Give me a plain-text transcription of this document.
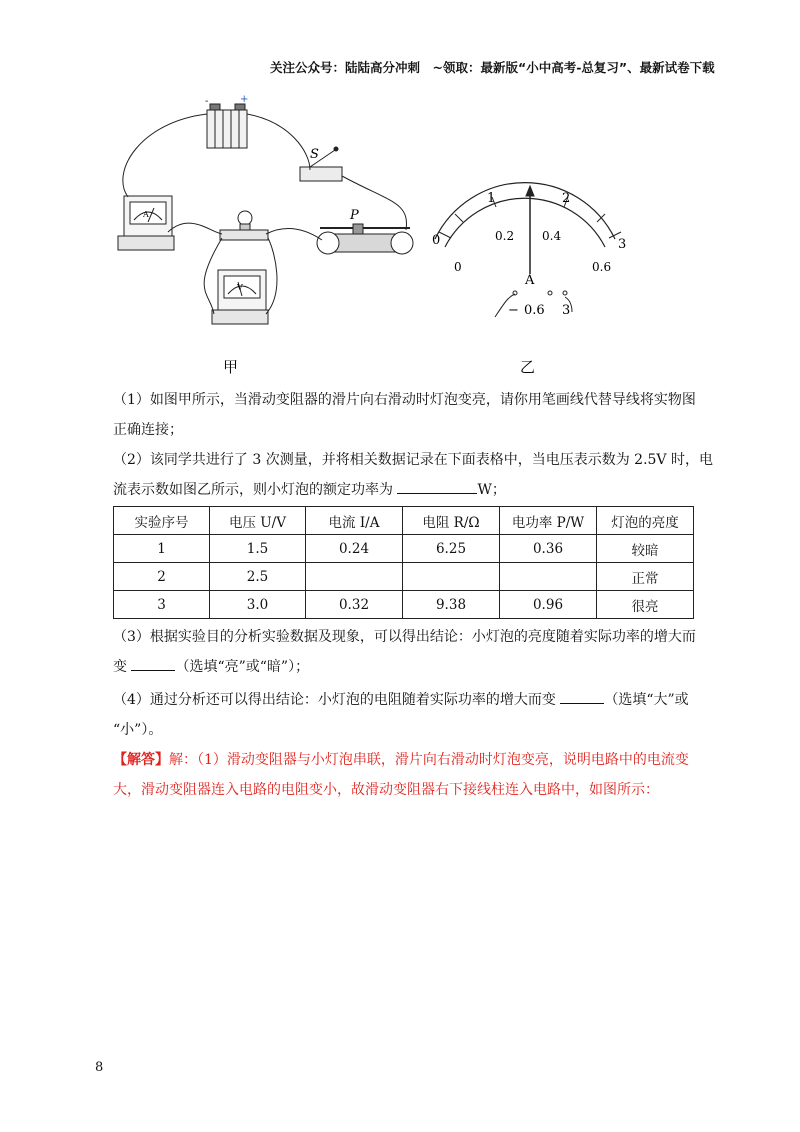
关注公众号：陆陆高分冲刺　~领取：最新版“小中高考-总复习”、最新试卷下载
-	+
S
P
A
V
0
1	2
3
0
0.2 0.4
0.6
A
− 0.6 3
甲	乙
（1）如图甲所示，当滑动变阻器的滑片向右滑动时灯泡变亮，请你用笔画线代替导线将实物图
正确连接；
（2）该同学共进行了 3 次测量，并将相关数据记录在下面表格中，当电压表示数为 2.5V 时，电
流表示数如图乙所示，则小灯泡的额定功率为	W；
实验序号	电压 U/V	电流 I/A	电阻 R/Ω	电功率 P/W	灯泡的亮度
1	1.5	0.24	6.25	0.36	较暗
2	2.5				正常
3	3.0	0.32	9.38	0.96	很亮
（3）根据实验目的分析实验数据及现象，可以得出结论：小灯泡的亮度随着实际功率的增大而
变	（选填“亮”或“暗”）；
（4）通过分析还可以得出结论：小灯泡的电阻随着实际功率的增大而变	（选填“大”或
“小”）。
【解答】解：（1）滑动变阻器与小灯泡串联，滑片向右滑动时灯泡变亮，说明电路中的电流变
大，滑动变阻器连入电路的电阻变小，故滑动变阻器右下接线柱连入电路中，如图所示：
8
